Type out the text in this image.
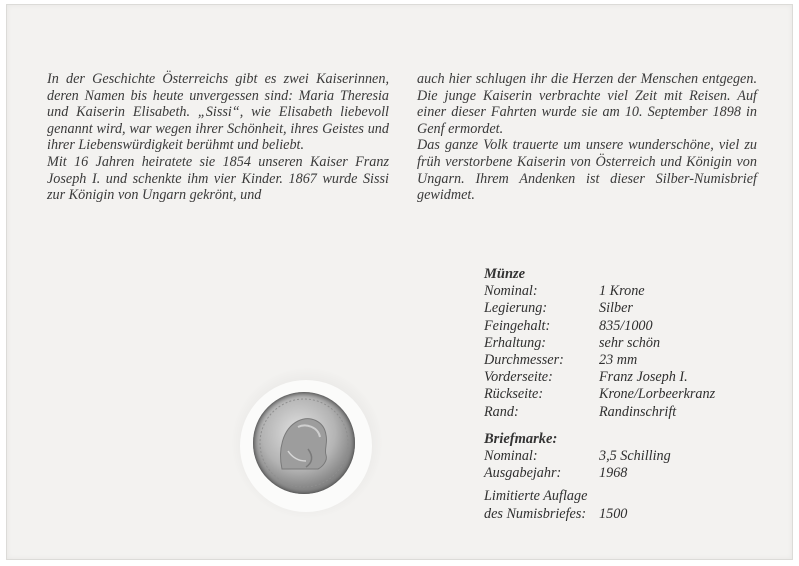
In der Geschichte Österreichs gibt es zwei Kaiserinnen, deren Namen bis heute unvergessen sind: Maria Theresia und Kaiserin Elisabeth. „Sissi“, wie Elisabeth liebevoll genannt wird, war wegen ihrer Schönheit, ihres Geistes und ihrer Liebenswürdigkeit berühmt und beliebt.

Mit 16 Jahren heiratete sie 1854 unseren Kaiser Franz Joseph I. und schenkte ihm vier Kinder. 1867 wurde Sissi zur Königin von Ungarn gekrönt, und

auch hier schlugen ihr die Herzen der Menschen entgegen. Die junge Kaiserin verbrachte viel Zeit mit Reisen. Auf einer dieser Fahrten wurde sie am 10. September 1898 in Genf ermordet.

Das ganze Volk trauerte um unsere wunderschöne, viel zu früh verstorbene Kaiserin von Österreich und Königin von Ungarn. Ihrem Andenken ist dieser Silber-Numisbrief gewidmet.

Münze
Nominal:	1 Krone
Legierung:	Silber
Feingehalt:	835/1000
Erhaltung:	sehr schön
Durchmesser:	23 mm
Vorderseite:	Franz Joseph I.
Rückseite:	Krone/Lorbeerkranz
Rand:	Randinschrift
Briefmarke:
Nominal:	3,5 Schilling
Ausgabejahr:	1968
Limitierte Auflage
des Numisbriefes: 1500
